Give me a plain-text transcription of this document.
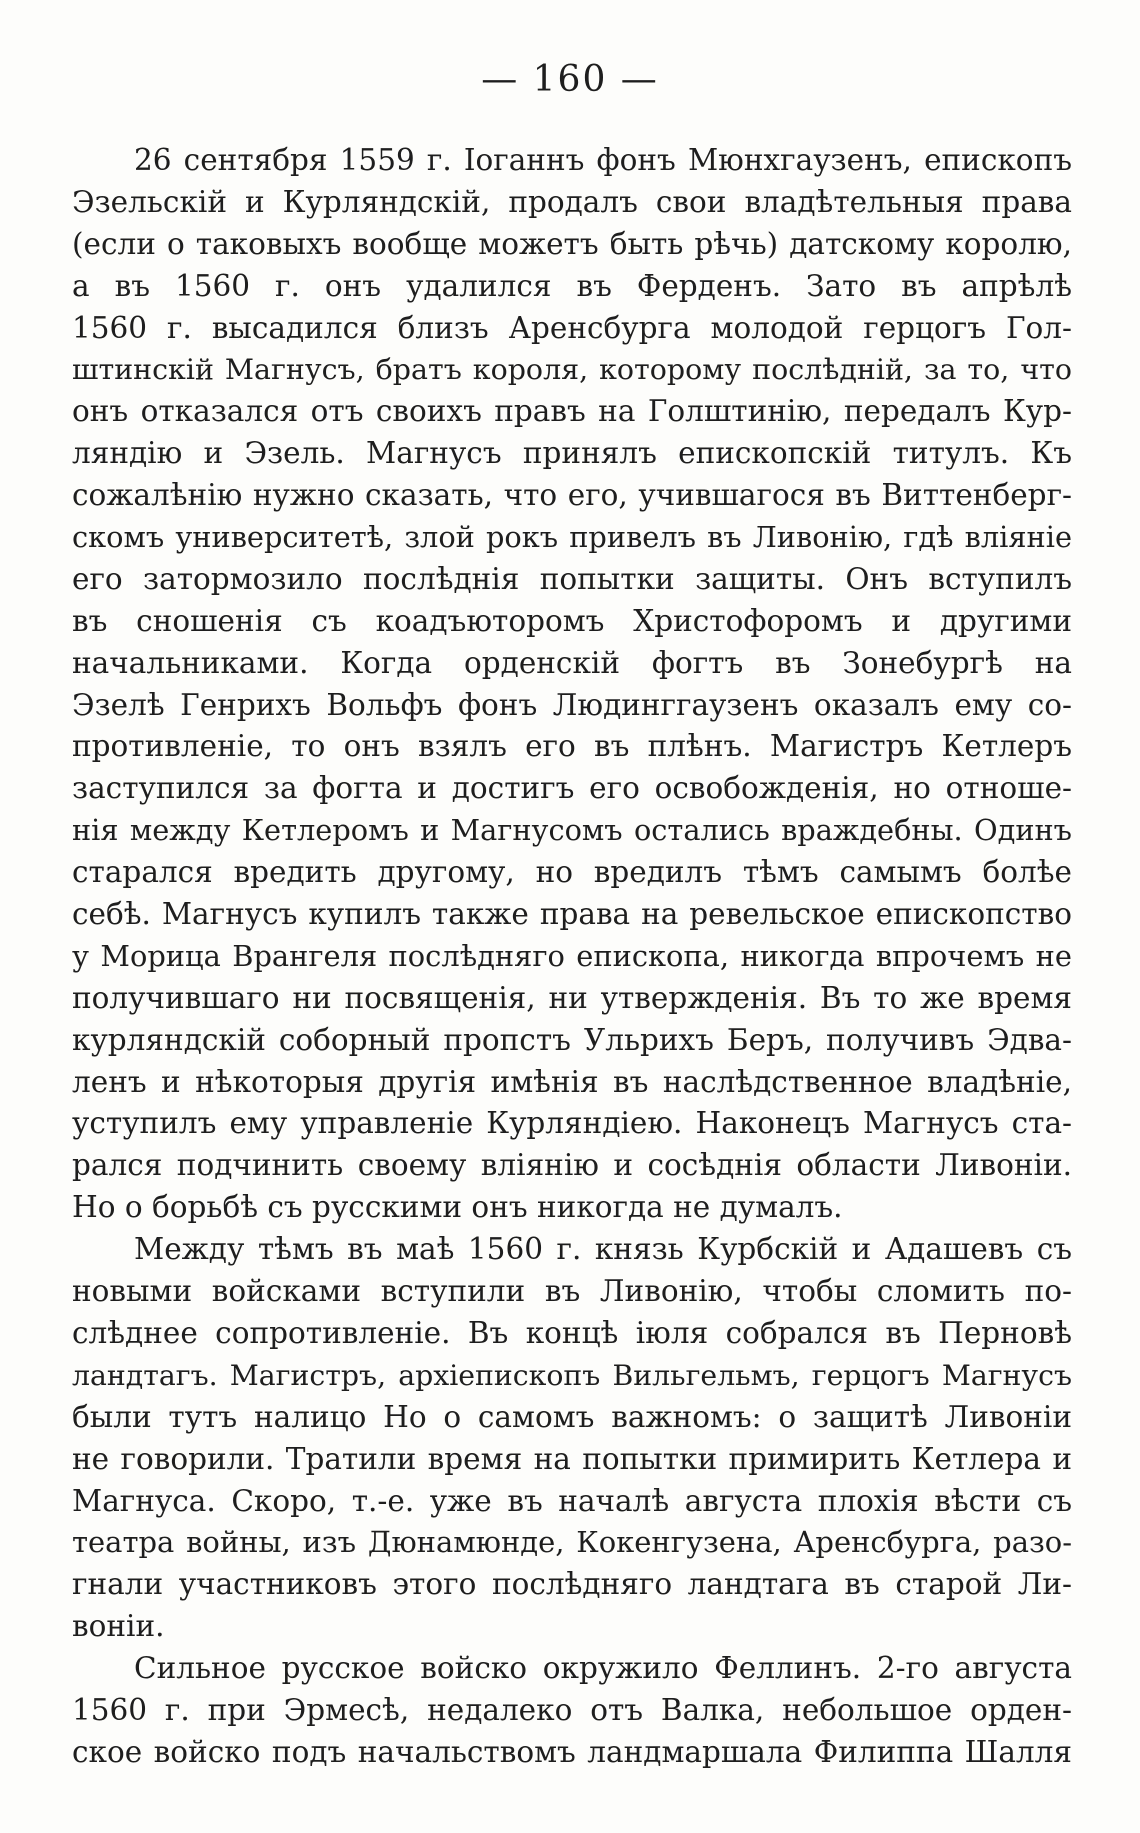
— 160 —
26 сентября 1559 г. Іоганнъ фонъ Мюнхгаузенъ, епископъ
Эзельскій и Курляндскій, продалъ свои владѣтельныя права
(если о таковыхъ вообще можетъ быть рѣчь) датскому королю,
а въ 1560 г. онъ удалился въ Ферденъ. Зато въ апрѣлѣ
1560 г. высадился близъ Аренсбурга молодой герцогъ Гол-
штинскій Магнусъ, братъ короля, которому послѣдній, за то, что
онъ отказался отъ своихъ правъ на Голштинію, передалъ Кур-
ляндію и Эзель. Магнусъ принялъ епископскій титулъ. Къ
сожалѣнію нужно сказать, что его, учившагося въ Виттенберг-
скомъ университетѣ, злой рокъ привелъ въ Ливонію, гдѣ вліяніе
его затормозило послѣднія попытки защиты. Онъ вступилъ
въ сношенія съ коадъюторомъ Христофоромъ и другими
начальниками. Когда орденскій фогтъ въ Зонебургѣ на
Эзелѣ Генрихъ Вольфъ фонъ Людинггаузенъ оказалъ ему со-
противленіе, то онъ взялъ его въ плѣнъ. Магистръ Кетлеръ
заступился за фогта и достигъ его освобожденія, но отноше-
нія между Кетлеромъ и Магнусомъ остались враждебны. Одинъ
старался вредить другому, но вредилъ тѣмъ самымъ болѣе
себѣ. Магнусъ купилъ также права на ревельское епископство
у Морица Врангеля послѣдняго епископа, никогда впрочемъ не
получившаго ни посвященія, ни утвержденія. Въ то же время
курляндскій соборный пропстъ Ульрихъ Беръ, получивъ Эдва-
ленъ и нѣкоторыя другія имѣнія въ наслѣдственное владѣніе,
уступилъ ему управленіе Курляндіею. Наконецъ Магнусъ ста-
рался подчинить своему вліянію и сосѣднія области Ливоніи.
Но о борьбѣ съ русскими онъ никогда не думалъ.
Между тѣмъ въ маѣ 1560 г. князь Курбскій и Адашевъ съ
новыми войсками вступили въ Ливонію, чтобы сломить по-
слѣднее сопротивленіе. Въ концѣ іюля собрался въ Перновѣ
ландтагъ. Магистръ, архіепископъ Вильгельмъ, герцогъ Магнусъ
были тутъ налицо Но о самомъ важномъ: о защитѣ Ливоніи
не говорили. Тратили время на попытки примирить Кетлера и
Магнуса. Скоро, т.-е. уже въ началѣ августа плохія вѣсти съ
театра войны, изъ Дюнамюнде, Кокенгузена, Аренсбурга, разо-
гнали участниковъ этого послѣдняго ландтага въ старой Ли-
воніи.
Сильное русское войско окружило Феллинъ. 2-го августа
1560 г. при Эрмесѣ, недалеко отъ Валка, небольшое орден-
ское войско подъ начальствомъ ландмаршала Филиппа Шалля
